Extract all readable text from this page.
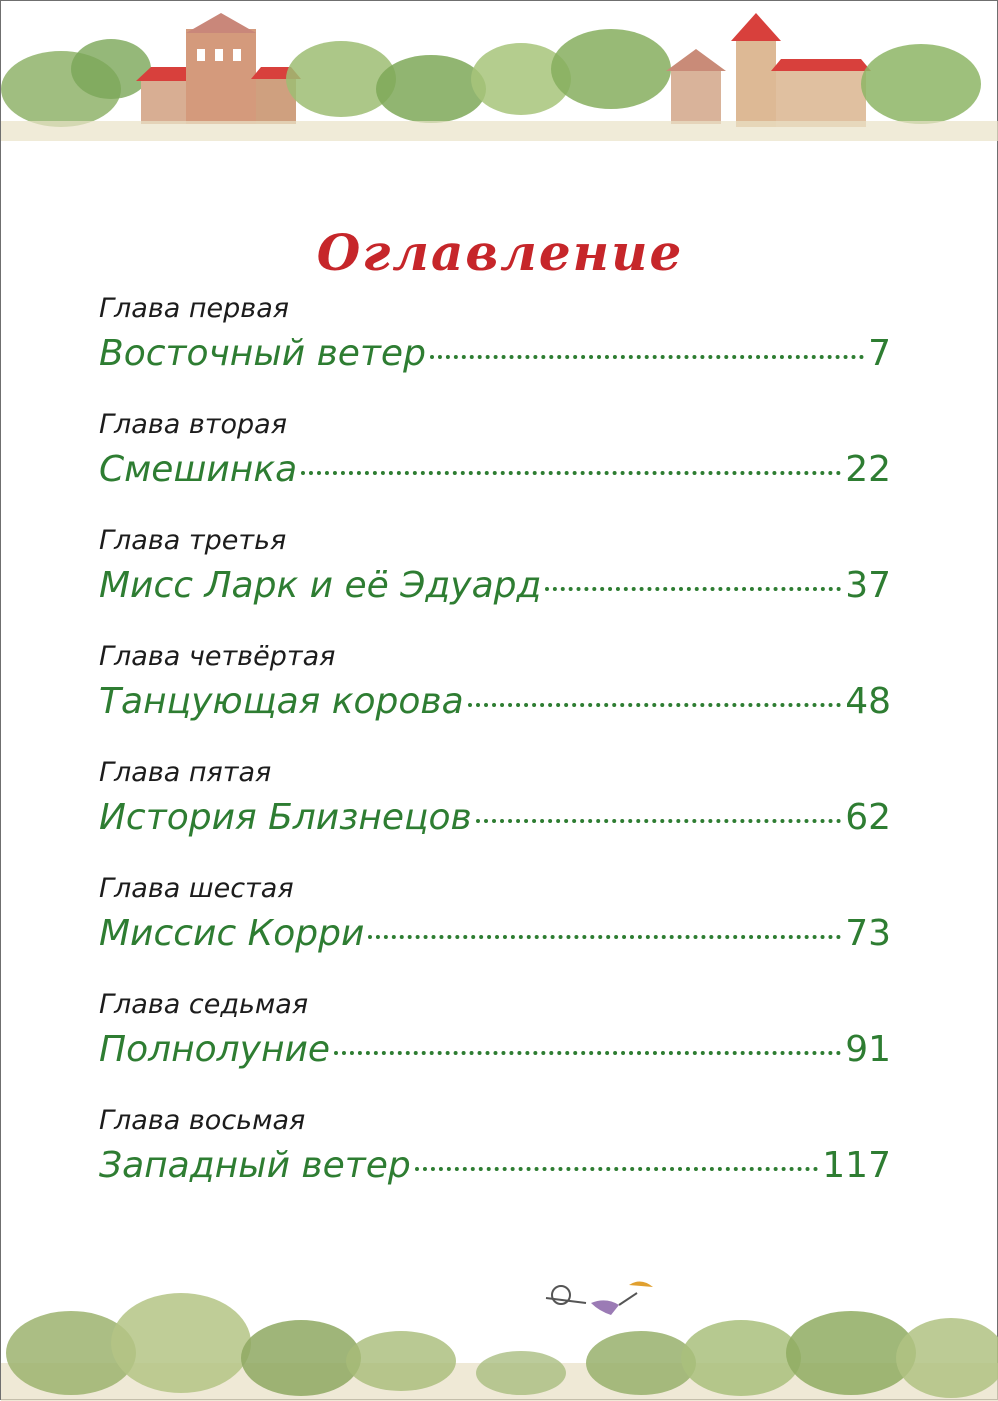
Оглавление
Глава первая
Восточный ветер	7
Глава вторая
Смешинка	22
Глава третья
Мисс Ларк и её Эдуард	37
Глава четвёртая
Танцующая корова	48
Глава пятая
История Близнецов	62
Глава шестая
Миссис Корри	73
Глава седьмая
Полнолуние	91
Глава восьмая
Западный ветер	117
